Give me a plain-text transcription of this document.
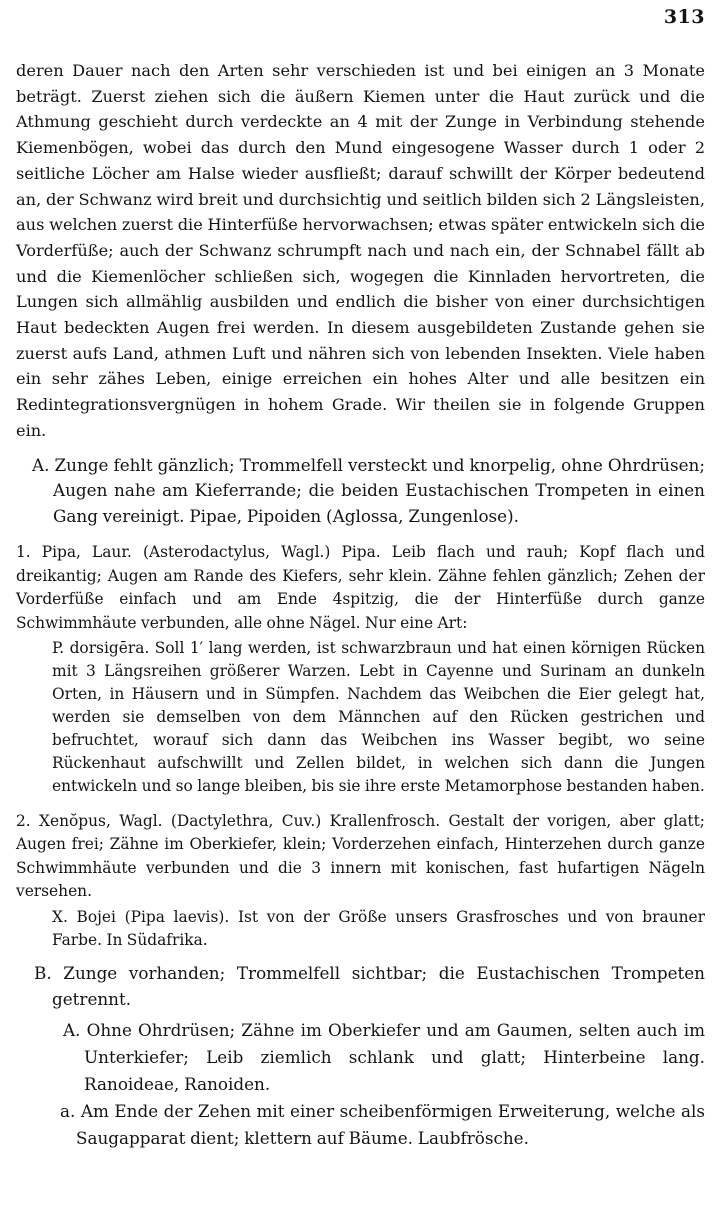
313

deren Dauer nach den Arten sehr verschieden ist und bei einigen an 3 Monate beträgt. Zuerst ziehen sich die äußern Kiemen unter die Haut zurück und die Athmung geschieht durch verdeckte an 4 mit der Zunge in Verbindung stehende Kiemenbögen, wobei das durch den Mund eingesogene Wasser durch 1 oder 2 seitliche Löcher am Halse wieder ausfließt; darauf schwillt der Körper bedeutend an, der Schwanz wird breit und durchsichtig und seitlich bilden sich 2 Längsleisten, aus welchen zuerst die Hinterfüße hervorwachsen; etwas später entwickeln sich die Vorderfüße; auch der Schwanz schrumpft nach und nach ein, der Schnabel fällt ab und die Kiemenlöcher schließen sich, wogegen die Kinnladen hervortreten, die Lungen sich allmählig ausbilden und endlich die bisher von einer durchsichtigen Haut bedeckten Augen frei werden. In diesem ausgebildeten Zustande gehen sie zuerst aufs Land, athmen Luft und nähren sich von lebenden Insekten. Viele haben ein sehr zähes Leben, einige erreichen ein hohes Alter und alle besitzen ein Redintegrationsvergnügen in hohem Grade. Wir theilen sie in folgende Gruppen ein.

A. Zunge fehlt gänzlich; Trommelfell versteckt und knorpelig, ohne Ohrdrüsen; Augen nahe am Kieferrande; die beiden Eustachischen Trompeten in einen Gang vereinigt. Pipae, Pipoiden (Aglossa, Zungenlose).

1. Pipa, Laur. (Asterodactylus, Wagl.) Pipa. Leib flach und rauh; Kopf flach und dreikantig; Augen am Rande des Kiefers, sehr klein. Zähne fehlen gänzlich; Zehen der Vorderfüße einfach und am Ende 4spitzig, die der Hinterfüße durch ganze Schwimmhäute verbunden, alle ohne Nägel. Nur eine Art:

P. dorsigēra. Soll 1′ lang werden, ist schwarzbraun und hat einen körnigen Rücken mit 3 Längsreihen größerer Warzen. Lebt in Cayenne und Surinam an dunkeln Orten, in Häusern und in Sümpfen. Nachdem das Weibchen die Eier gelegt hat, werden sie demselben von dem Männchen auf den Rücken gestrichen und befruchtet, worauf sich dann das Weibchen ins Wasser begibt, wo seine Rückenhaut aufschwillt und Zellen bildet, in welchen sich dann die Jungen entwickeln und so lange bleiben, bis sie ihre erste Metamorphose bestanden haben.

2. Xenŏpus, Wagl. (Dactylethra, Cuv.) Krallenfrosch. Gestalt der vorigen, aber glatt; Augen frei; Zähne im Oberkiefer, klein; Vorderzehen einfach, Hinterzehen durch ganze Schwimmhäute verbunden und die 3 innern mit konischen, fast hufartigen Nägeln versehen.

X. Bojei (Pipa laevis). Ist von der Größe unsers Grasfrosches und von brauner Farbe. In Südafrika.

B. Zunge vorhanden; Trommelfell sichtbar; die Eustachischen Trompeten getrennt.

A. Ohne Ohrdrüsen; Zähne im Oberkiefer und am Gaumen, selten auch im Unterkiefer; Leib ziemlich schlank und glatt; Hinterbeine lang. Ranoideae, Ranoiden.

a. Am Ende der Zehen mit einer scheibenförmigen Erweiterung, welche als Saugapparat dient; klettern auf Bäume. Laubfrösche.
